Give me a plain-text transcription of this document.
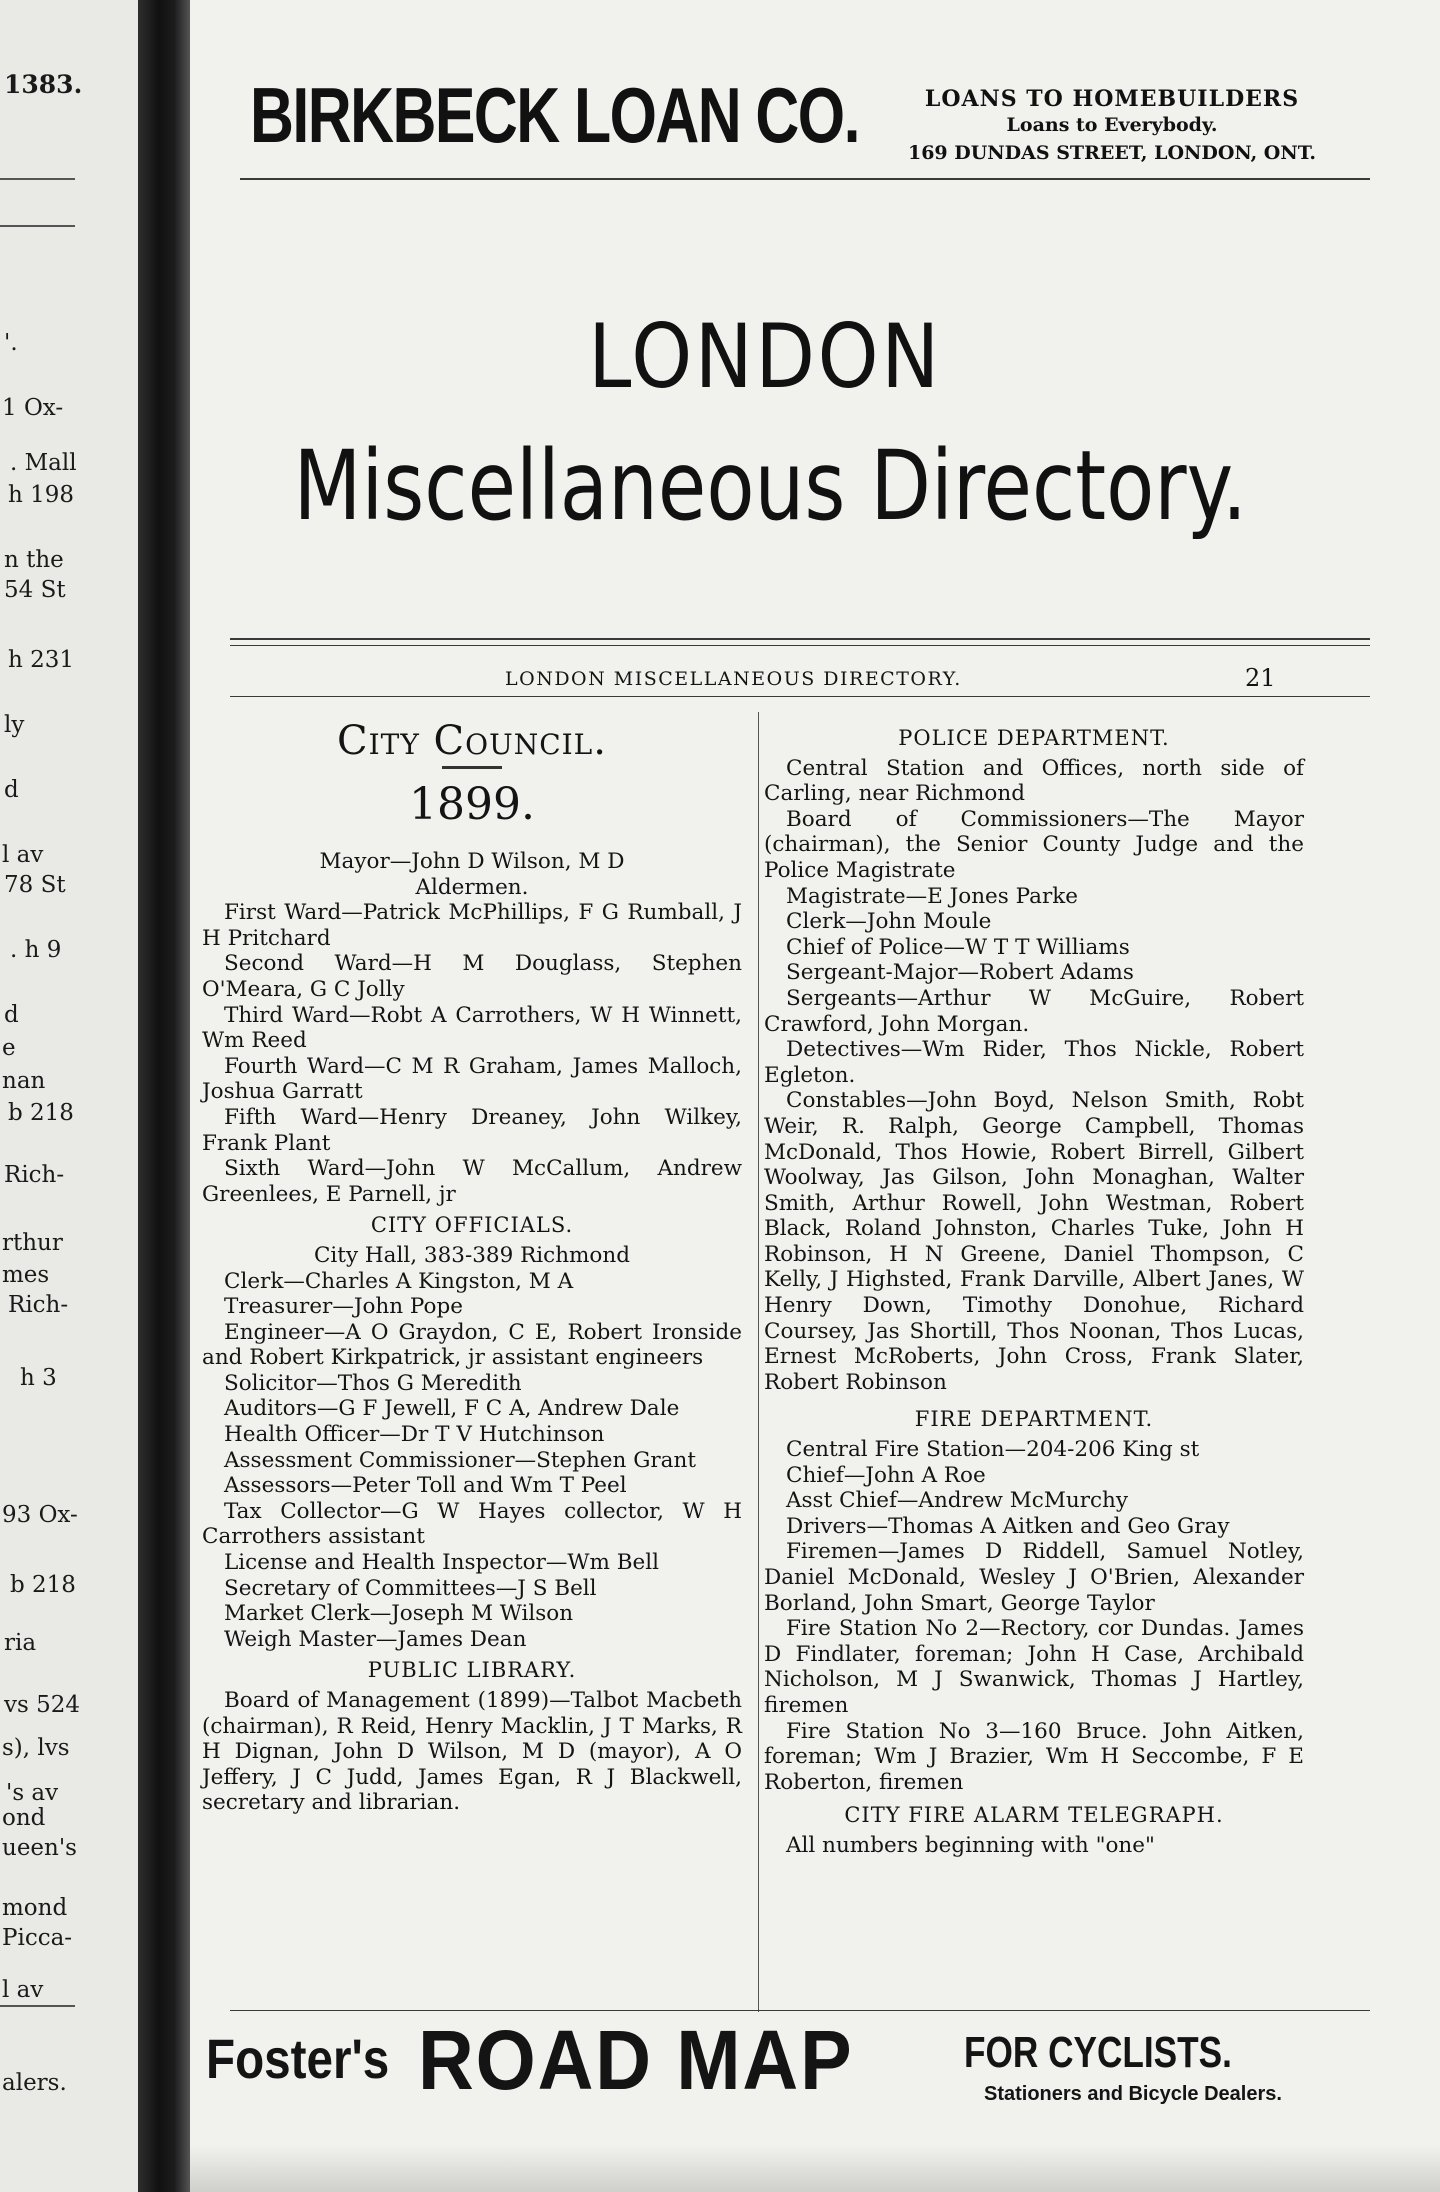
1383.
'.
1 Ox-
. Mall
h 198
n the
54 St
h 231
ly
d
l av
78 St
. h 9
d
e
nan
b 218
Rich-
rthur
mes
Rich-
h 3
93 Ox-
b 218
ria
vs 524
s), lvs
's av
ond
ueen's
mond
Picca-
l av
alers.
BIRKBECK LOAN CO.	LOANS TO HOMEBUILDERS
Loans to Everybody.
169 DUNDAS STREET, LONDON, ONT.
LONDON
Miscellaneous Directory.
LONDON MISCELLANEOUS DIRECTORY.	21
City Council.
1899.

Mayor—John D Wilson, M D

Aldermen.

First Ward—Patrick McPhillips, F G Rumball, J H Pritchard

Second Ward—H M Douglass, Stephen O'Meara, G C Jolly

Third Ward—Robt A Carrothers, W H Winnett, Wm Reed

Fourth Ward—C M R Graham, James Malloch, Joshua Garratt

Fifth Ward—Henry Dreaney, John Wilkey, Frank Plant

Sixth Ward—John W McCallum, Andrew Greenlees, E Parnell, jr

CITY OFFICIALS.

City Hall, 383-389 Richmond

Clerk—Charles A Kingston, M A

Treasurer—John Pope

Engineer—A O Graydon, C E, Robert Ironside and Robert Kirkpatrick, jr assistant engineers

Solicitor—Thos G Meredith

Auditors—G F Jewell, F C A, Andrew Dale

Health Officer—Dr T V Hutchinson

Assessment Commissioner—Stephen Grant

Assessors—Peter Toll and Wm T Peel

Tax Collector—G W Hayes collector, W H Carrothers assistant

License and Health Inspector—Wm Bell

Secretary of Committees—J S Bell

Market Clerk—Joseph M Wilson

Weigh Master—James Dean

PUBLIC LIBRARY.

Board of Management (1899)—Talbot Macbeth (chairman), R Reid, Henry Macklin, J T Marks, R H Dignan, John D Wilson, M D (mayor), A O Jeffery, J C Judd, James Egan, R J Blackwell, secretary and librarian.

POLICE DEPARTMENT.

Central Station and Offices, north side of Carling, near Richmond

Board of Commissioners—The Mayor (chairman), the Senior County Judge and the Police Magistrate

Magistrate—E Jones Parke

Clerk—John Moule

Chief of Police—W T T Williams

Sergeant-Major—Robert Adams

Sergeants—Arthur W McGuire, Robert Crawford, John Morgan.

Detectives—Wm Rider, Thos Nickle, Robert Egleton.

Constables—John Boyd, Nelson Smith, Robt Weir, R. Ralph, George Campbell, Thomas McDonald, Thos Howie, Robert Birrell, Gilbert Woolway, Jas Gilson, John Monaghan, Walter Smith, Arthur Rowell, John Westman, Robert Black, Roland Johnston, Charles Tuke, John H Robinson, H N Greene, Daniel Thompson, C Kelly, J Highsted, Frank Darville, Albert Janes, W Henry Down, Timothy Donohue, Richard Coursey, Jas Shortill, Thos Noonan, Thos Lucas, Ernest McRoberts, John Cross, Frank Slater, Robert Robinson

FIRE DEPARTMENT.

Central Fire Station—204-206 King st

Chief—John A Roe

Asst Chief—Andrew McMurchy

Drivers—Thomas A Aitken and Geo Gray

Firemen—James D Riddell, Samuel Notley, Daniel McDonald, Wesley J O'Brien, Alexander Borland, John Smart, George Taylor

Fire Station No 2—Rectory, cor Dundas. James D Findlater, foreman; John H Case, Archibald Nicholson, M J Swanwick, Thomas J Hartley, firemen

Fire Station No 3—160 Bruce. John Aitken, foreman; Wm J Brazier, Wm H Seccombe, F E Roberton, firemen

CITY FIRE ALARM TELEGRAPH.

All numbers beginning with "one"

Foster's ROAD MAP	FOR CYCLISTS.
Stationers and Bicycle Dealers.
